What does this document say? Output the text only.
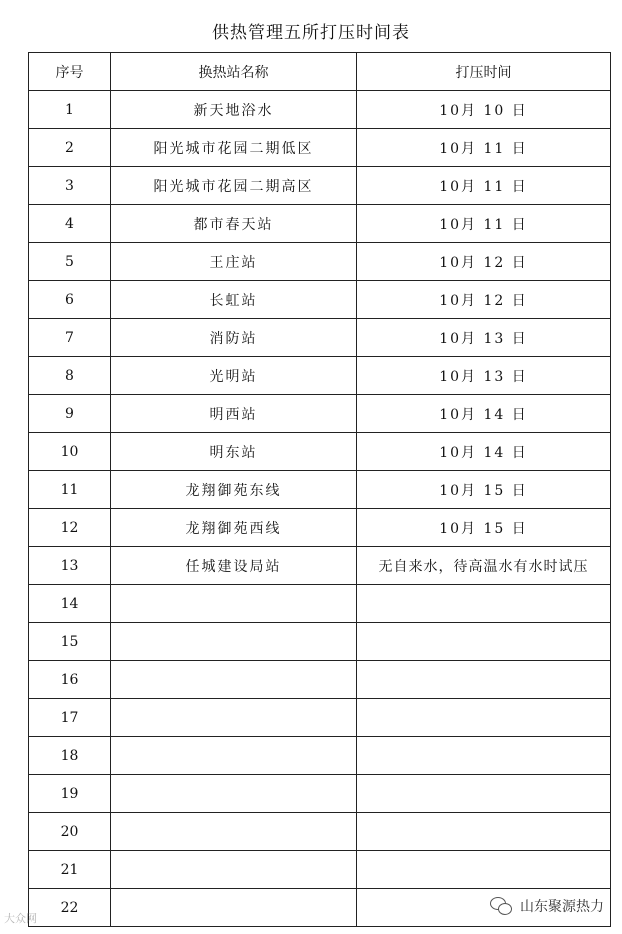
供热管理五所打压时间表
序号	换热站名称	打压时间
1	新天地浴水	10月 10 日
2	阳光城市花园二期低区	10月 11 日
3	阳光城市花园二期高区	10月 11 日
4	都市春天站	10月 11 日
5	王庄站	10月 12 日
6	长虹站	10月 12 日
7	消防站	10月 13 日
8	光明站	10月 13 日
9	明西站	10月 14 日
10	明东站	10月 14 日
11	龙翔御苑东线	10月 15 日
12	龙翔御苑西线	10月 15 日
13	任城建设局站	无自来水，待高温水有水时试压
14		
15		
16		
17		
18		
19		
20		
21		
22		
大众网
山东聚源热力
